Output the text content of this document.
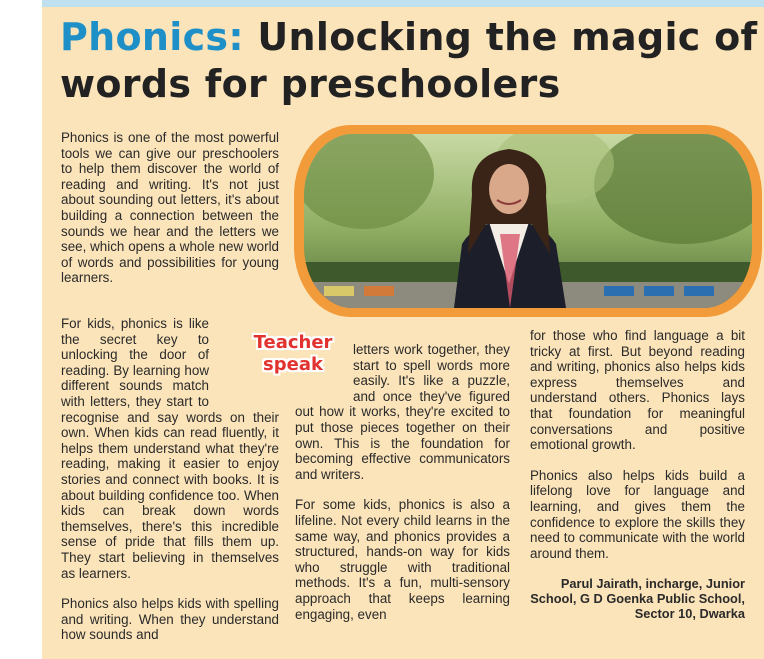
Phonics: Unlocking the magic of words for preschoolers

Phonics is one of the most powerful tools we can give our preschoolers to help them discover the world of reading and writing. It's not just about sounding out letters, it's about building a connection between the sounds we hear and the letters we see, which opens a whole new world of words and possibilities for young learners.

For kids, phonics is like the secret key to unlocking the door of reading. By learning how different sounds match with letters, they start to recognise and say words on their own. When kids can read fluently, it helps them understand what they're reading, making it easier to enjoy stories and connect with books. It is about building confidence too. When kids can break down words themselves, there's this incredible sense of pride that fills them up. They start believing in themselves as learners.

Phonics also helps kids with spelling and writing. When they understand how sounds and

Teacher
speak

letters work together, they start to spell words more easily. It's like a puzzle, and once they've figured out how it works, they're excited to put those pieces together on their own. This is the foundation for becoming effective communicators and writers.

For some kids, phonics is also a lifeline. Not every child learns in the same way, and phonics provides a structured, hands-on way for kids who struggle with traditional methods. It's a fun, multi-sensory approach that keeps learning engaging, even

for those who find language a bit tricky at first. But beyond reading and writing, phonics also helps kids express themselves and understand others. Phonics lays that foundation for meaningful conversations and positive emotional growth.

Phonics also helps kids build a lifelong love for language and learning, and gives them the confidence to explore the skills they need to communicate with the world around them.

Parul Jairath, incharge, Junior
School, G D Goenka Public School,
Sector 10, Dwarka
